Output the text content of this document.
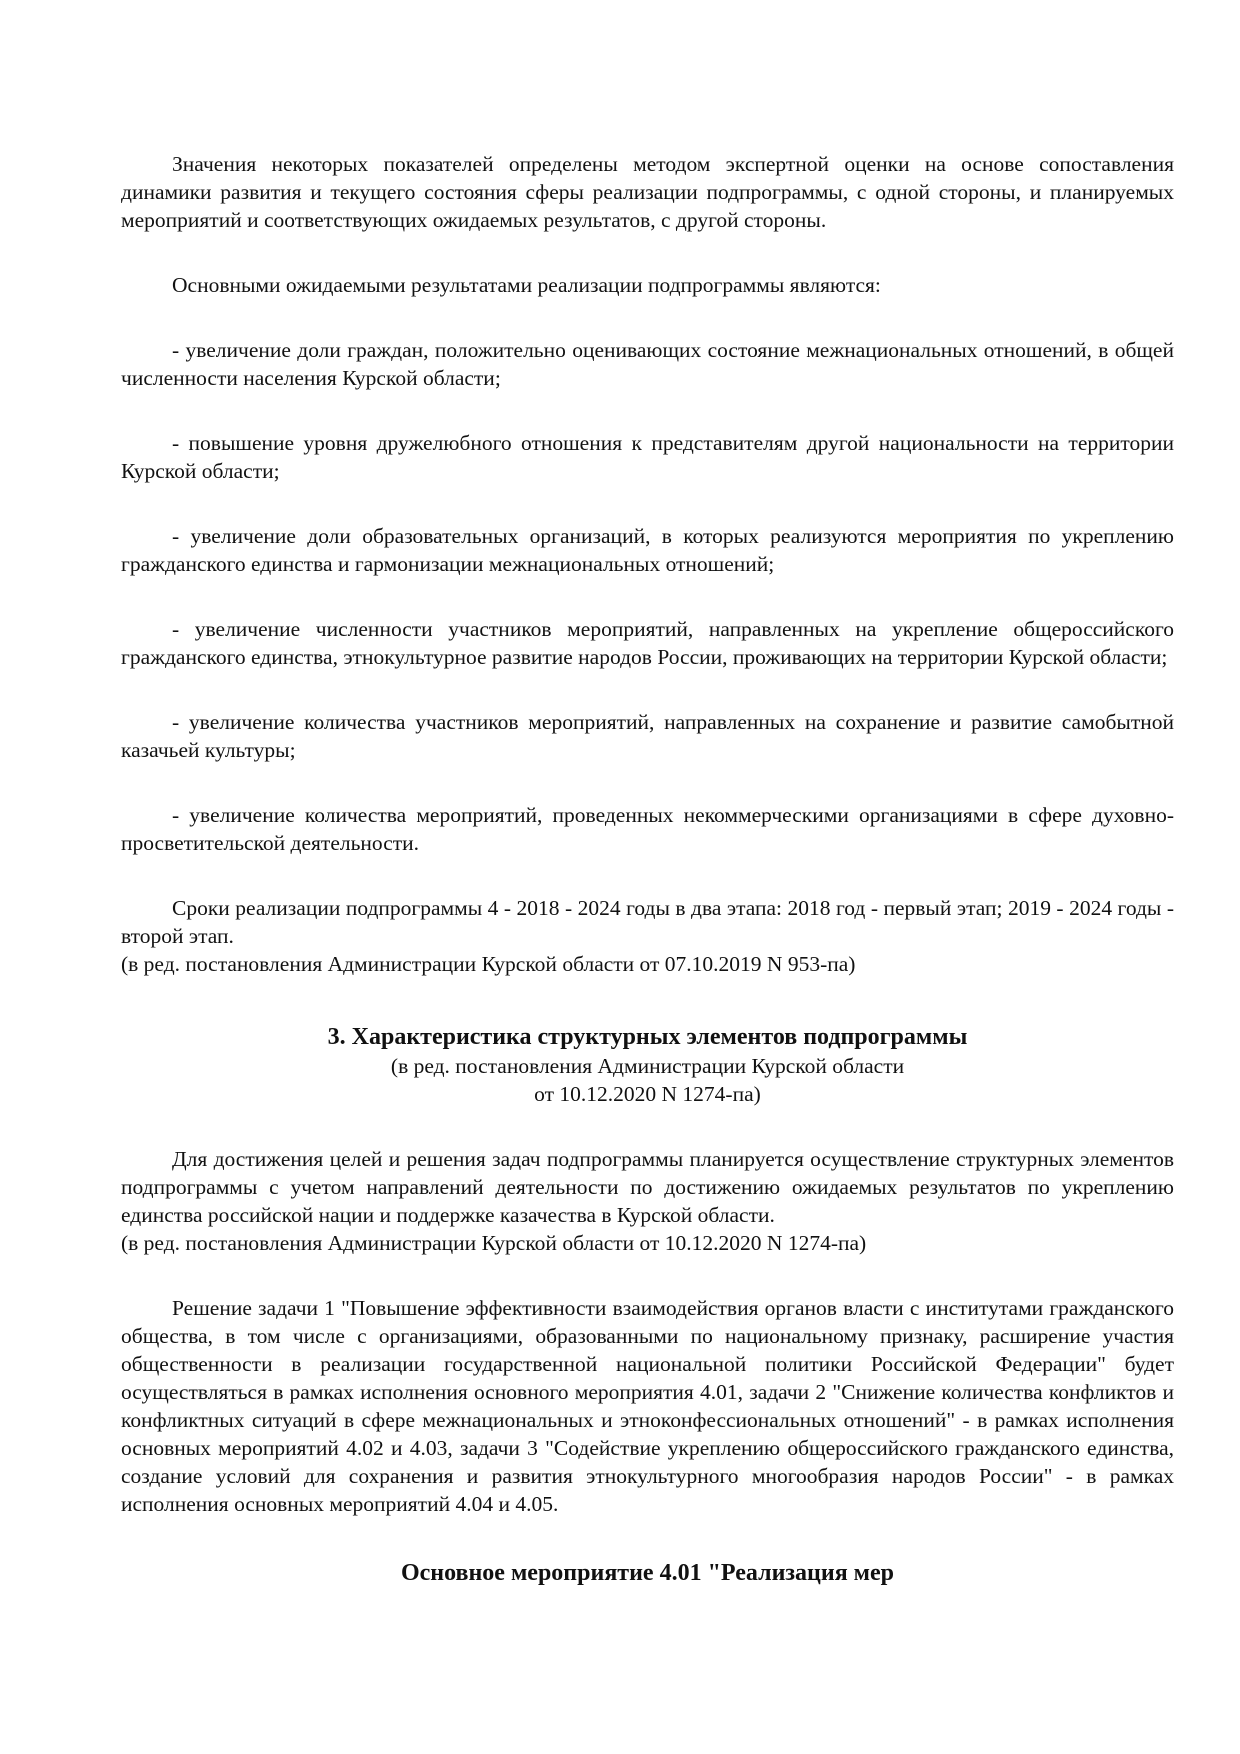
Значения некоторых показателей определены методом экспертной оценки на основе сопоставления динамики развития и текущего состояния сферы реализации подпрограммы, с одной стороны, и планируемых мероприятий и соответствующих ожидаемых результатов, с другой стороны.

Основными ожидаемыми результатами реализации подпрограммы являются:

- увеличение доли граждан, положительно оценивающих состояние межнациональных отношений, в общей численности населения Курской области;

- повышение уровня дружелюбного отношения к представителям другой национальности на территории Курской области;

- увеличение доли образовательных организаций, в которых реализуются мероприятия по укреплению гражданского единства и гармонизации межнациональных отношений;

- увеличение численности участников мероприятий, направленных на укрепление общероссийского гражданского единства, этнокультурное развитие народов России, проживающих на территории Курской области;

- увеличение количества участников мероприятий, направленных на сохранение и развитие самобытной казачьей культуры;

- увеличение количества мероприятий, проведенных некоммерческими организациями в сфере духовно-просветительской деятельности.

Сроки реализации подпрограммы 4 - 2018 - 2024 годы в два этапа: 2018 год - первый этап; 2019 - 2024 годы - второй этап.

(в ред. постановления Администрации Курской области от 07.10.2019 N 953-па)

3. Характеристика структурных элементов подпрограммы

(в ред. постановления Администрации Курской области

от 10.12.2020 N 1274-па)

Для достижения целей и решения задач подпрограммы планируется осуществление структурных элементов подпрограммы с учетом направлений деятельности по достижению ожидаемых результатов по укреплению единства российской нации и поддержке казачества в Курской области.

(в ред. постановления Администрации Курской области от 10.12.2020 N 1274-па)

Решение задачи 1 "Повышение эффективности взаимодействия органов власти с институтами гражданского общества, в том числе с организациями, образованными по национальному признаку, расширение участия общественности в реализации государственной национальной политики Российской Федерации" будет осуществляться в рамках исполнения основного мероприятия 4.01, задачи 2 "Снижение количества конфликтов и конфликтных ситуаций в сфере межнациональных и этноконфессиональных отношений" - в рамках исполнения основных мероприятий 4.02 и 4.03, задачи 3 "Содействие укреплению общероссийского гражданского единства, создание условий для сохранения и развития этнокультурного многообразия народов России" - в рамках исполнения основных мероприятий 4.04 и 4.05.

Основное мероприятие 4.01 "Реализация мер
